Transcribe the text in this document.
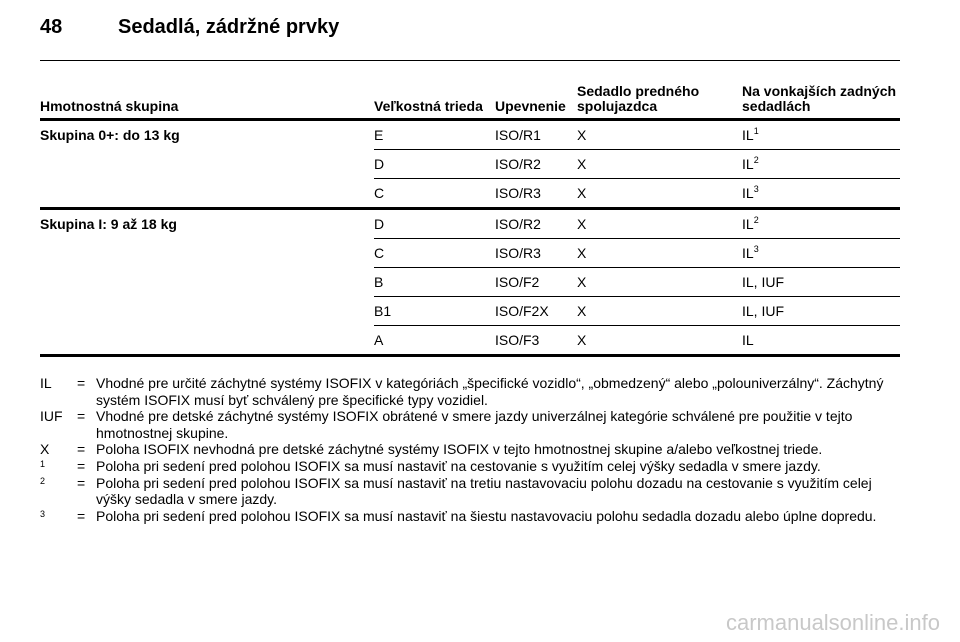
48	Sedadlá, zádržné prvky
Hmotnostná skupina	Veľkostná trieda	Upevnenie	Sedadlo predného spolujazdca	Na vonkajších zadných sedadlách
Skupina 0+: do 13 kg	E	ISO/R1	X	$IL^1$
	D	ISO/R2	X	$IL^2$
	C	ISO/R3	X	$IL^3$
Skupina I: 9 až 18 kg	D	ISO/R2	X	$IL^2$
	C	ISO/R3	X	$IL^3$
	B	ISO/F2	X	IL, IUF
	B1	ISO/F2X	X	IL, IUF
	A	ISO/F3	X	IL
IL	= Vhodné pre určité záchytné systémy ISOFIX v kategóriách „špecifické vozidlo“, „obmedzený“ alebo „polouniverzálny“. Záchytný systém ISOFIX musí byť schválený pre špecifické typy vozidiel.
IUF	= Vhodné pre detské záchytné systémy ISOFIX obrátené v smere jazdy univerzálnej kategórie schválené pre použitie v tejto hmotnostnej skupine.
X	= Poloha ISOFIX nevhodná pre detské záchytné systémy ISOFIX v tejto hmotnostnej skupine a/alebo veľkostnej triede.
1	= Poloha pri sedení pred polohou ISOFIX sa musí nastaviť na cestovanie s využitím celej výšky sedadla v smere jazdy.
2	= Poloha pri sedení pred polohou ISOFIX sa musí nastaviť na tretiu nastavovaciu polohu dozadu na cestovanie s využitím celej výšky sedadla v smere jazdy.
3	= Poloha pri sedení pred polohou ISOFIX sa musí nastaviť na šiestu nastavovaciu polohu sedadla dozadu alebo úplne dopredu.
carmanualsonline.info
